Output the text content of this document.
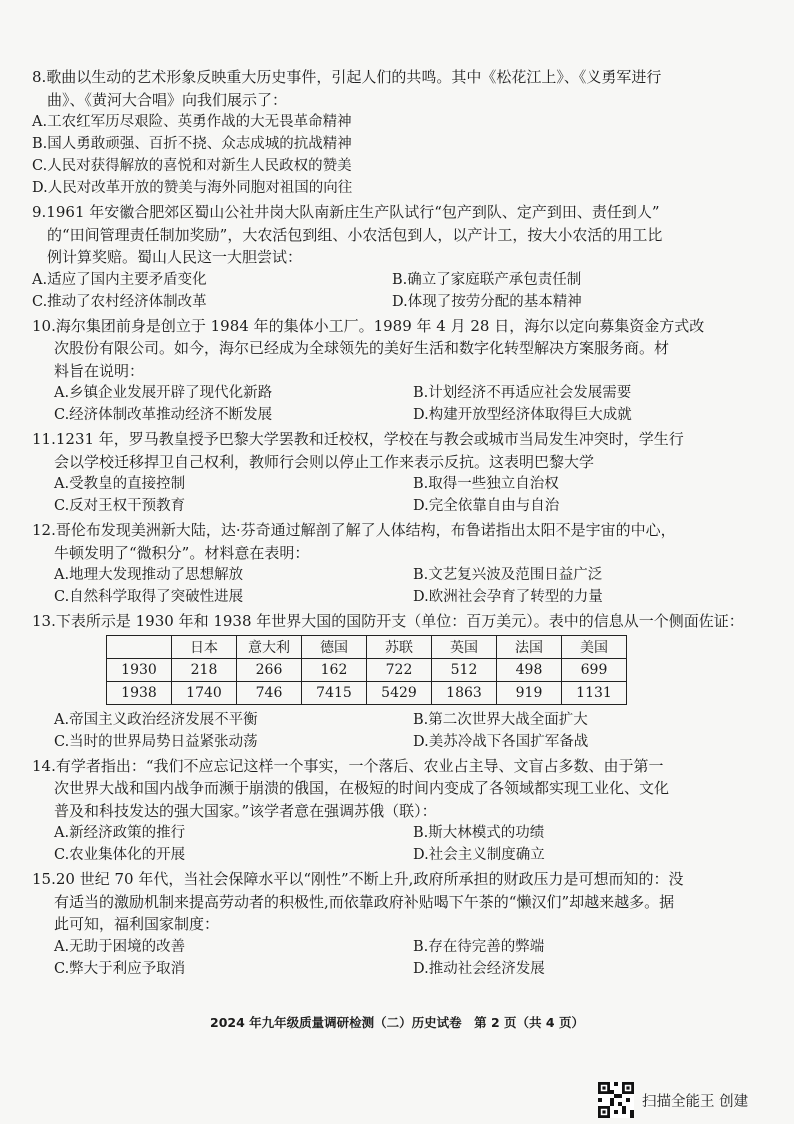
8.歌曲以生动的艺术形象反映重大历史事件，引起人们的共鸣。其中《松花江上》、《义勇军进行
曲》、《黄河大合唱》向我们展示了：
A.工农红军历尽艰险、英勇作战的大无畏革命精神
B.国人勇敢顽强、百折不挠、众志成城的抗战精神
C.人民对获得解放的喜悦和对新生人民政权的赞美
D.人民对改革开放的赞美与海外同胞对祖国的向往
9.1961 年安徽合肥郊区蜀山公社井岗大队南新庄生产队试行“包产到队、定产到田、责任到人”
的“田间管理责任制加奖励”，大农活包到组、小农活包到人，以产计工，按大小农活的用工比
例计算奖赔。蜀山人民这一大胆尝试：
A.适应了国内主要矛盾变化	B.确立了家庭联产承包责任制
C.推动了农村经济体制改革	D.体现了按劳分配的基本精神
10.海尔集团前身是创立于 1984 年的集体小工厂。1989 年 4 月 28 日，海尔以定向募集资金方式改
次股份有限公司。如今，海尔已经成为全球领先的美好生活和数字化转型解决方案服务商。材
料旨在说明：
A.乡镇企业发展开辟了现代化新路	B.计划经济不再适应社会发展需要
C.经济体制改革推动经济不断发展	D.构建开放型经济体取得巨大成就
11.1231 年，罗马教皇授予巴黎大学罢教和迁校权，学校在与教会或城市当局发生冲突时，学生行
会以学校迁移捍卫自己权利，教师行会则以停止工作来表示反抗。这表明巴黎大学
A.受教皇的直接控制	B.取得一些独立自治权
C.反对王权干预教育	D.完全依靠自由与自治
12.哥伦布发现美洲新大陆，达·芬奇通过解剖了解了人体结构，布鲁诺指出太阳不是宇宙的中心，
牛顿发明了“微积分”。材料意在表明：
A.地理大发现推动了思想解放	B.文艺复兴波及范围日益广泛
C.自然科学取得了突破性进展	D.欧洲社会孕育了转型的力量
13.下表所示是 1930 年和 1938 年世界大国的国防开支（单位：百万美元）。表中的信息从一个侧面佐证：
	日本	意大利	德国	苏联	英国	法国	美国
1930	218	266	162	722	512	498	699
1938	1740	746	7415	5429	1863	919	1131
A.帝国主义政治经济发展不平衡	B.第二次世界大战全面扩大
C.当时的世界局势日益紧张动荡	D.美苏冷战下各国扩军备战
14.有学者指出：“我们不应忘记这样一个事实，一个落后、农业占主导、文盲占多数、由于第一
次世界大战和国内战争而濒于崩溃的俄国，在极短的时间内变成了各领域都实现工业化、文化
普及和科技发达的强大国家。”该学者意在强调苏俄（联）：
A.新经济政策的推行	B.斯大林模式的功绩
C.农业集体化的开展	D.社会主义制度确立
15.20 世纪 70 年代，当社会保障水平以“刚性”不断上升,政府所承担的财政压力是可想而知的：没
有适当的激励机制来提高劳动者的积极性,而依靠政府补贴喝下午茶的“懒汉们”却越来越多。据
此可知，福利国家制度：
A.无助于困境的改善	B.存在待完善的弊端
C.弊大于利应予取消	D.推动社会经济发展
2024 年九年级质量调研检测（二）历史试卷　第 2 页（共 4 页）
扫描全能王 创建
